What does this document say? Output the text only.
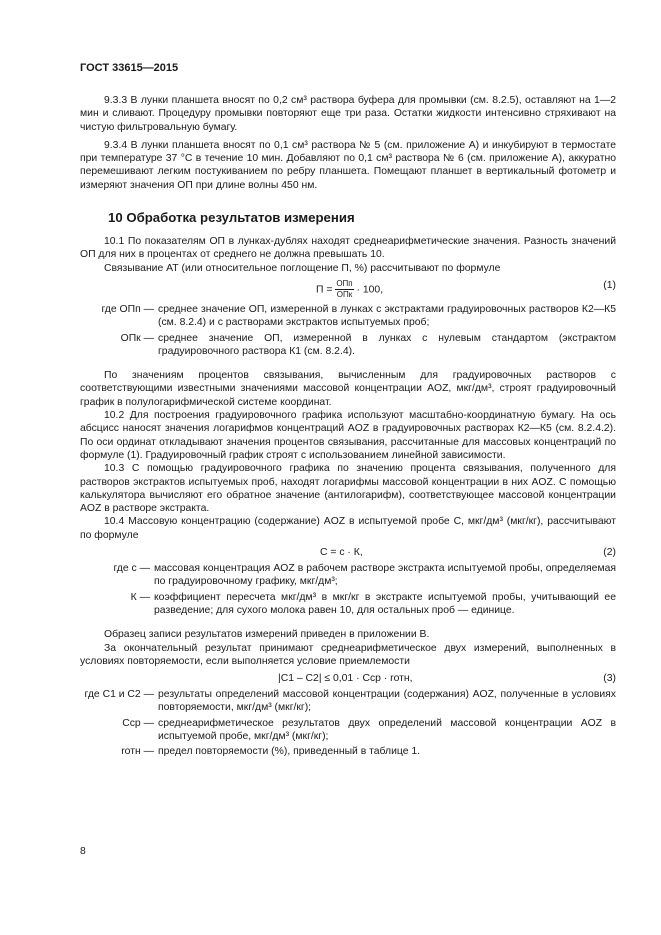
ГОСТ 33615—2015

9.3.3 В лунки планшета вносят по 0,2 см³ раствора буфера для промывки (см. 8.2.5), оставляют на 1—2 мин и сливают. Процедуру промывки повторяют еще три раза. Остатки жидкости интенсивно стряхивают на чистую фильтровальную бумагу.

9.3.4 В лунки планшета вносят по 0,1 см³ раствора № 5 (см. приложение А) и инкубируют в термостате при температуре 37 °С в течение 10 мин. Добавляют по 0,1 см³ раствора № 6 (см. приложение А), аккуратно перемешивают легким постукиванием по ребру планшета. Помещают планшет в вертикальный фотометр и измеряют значения ОП при длине волны 450 нм.

10 Обработка результатов измерения

10.1 По показателям ОП в лунках-дублях находят среднеарифметические значения. Разность значений ОП для них в процентах от среднего не должна превышать 10.

Связывание АТ (или относительное поглощение П, %) рассчитывают по формуле

$П = \frac{\text{ОПп}}{\text{ОПк}} \cdot 100$,	(1)
где ОПп — среднее значение ОП, измеренной в лунках с экстрактами градуировочных растворов К2—К5 (см. 8.2.4) и с растворами экстрактов испытуемых проб;
ОПк — среднее значение ОП, измеренной в лунках с нулевым стандартом (экстрактом градуировочного раствора К1 (см. 8.2.4).

По значениям процентов связывания, вычисленным для градуировочных растворов с соответствующими известными значениями массовой концентрации AOZ, мкг/дм³, строят градуировочный график в полулогарифмической системе координат.

10.2 Для построения градуировочного графика используют масштабно-координатную бумагу. На ось абсцисс наносят значения логарифмов концентраций AOZ в градуировочных растворах К2—К5 (см. 8.2.4.2). По оси ординат откладывают значения процентов связывания, рассчитанные для массовых концентраций по формуле (1). Градуировочный график строят с использованием линейной зависимости.

10.3 С помощью градуировочного графика по значению процента связывания, полученного для растворов экстрактов испытуемых проб, находят логарифмы массовой концентрации в них AOZ. С помощью калькулятора вычисляют его обратное значение (антилогарифм), соответствующее массовой концентрации AOZ в растворе экстракта.

10.4 Массовую концентрацию (содержание) AOZ в испытуемой пробе С, мкг/дм³ (мкг/кг), рассчитывают по формуле

С = с · К,	(2)
где с — массовая концентрация AOZ в рабочем растворе экстракта испытуемой пробы, определяемая по градуировочному графику, мкг/дм³;
К — коэффициент пересчета мкг/дм³ в мкг/кг в экстракте испытуемой пробы, учитывающий ее разведение; для сухого молока равен 10, для остальных проб — единице.

Образец записи результатов измерений приведен в приложении В.

За окончательный результат принимают среднеарифметическое двух измерений, выполненных в условиях повторяемости, если выполняется условие приемлемости

|С1 – С2| ≤ 0,01 · Сср · rотн,	(3)
где С1 и С2 — результаты определений массовой концентрации (содержания) AOZ, полученные в условиях повторяемости, мкг/дм³ (мкг/кг);
Сср — среднеарифметическое результатов двух определений массовой концентрации AOZ в испытуемой пробе, мкг/дм³ (мкг/кг);
rотн — предел повторяемости (%), приведенный в таблице 1.
8
